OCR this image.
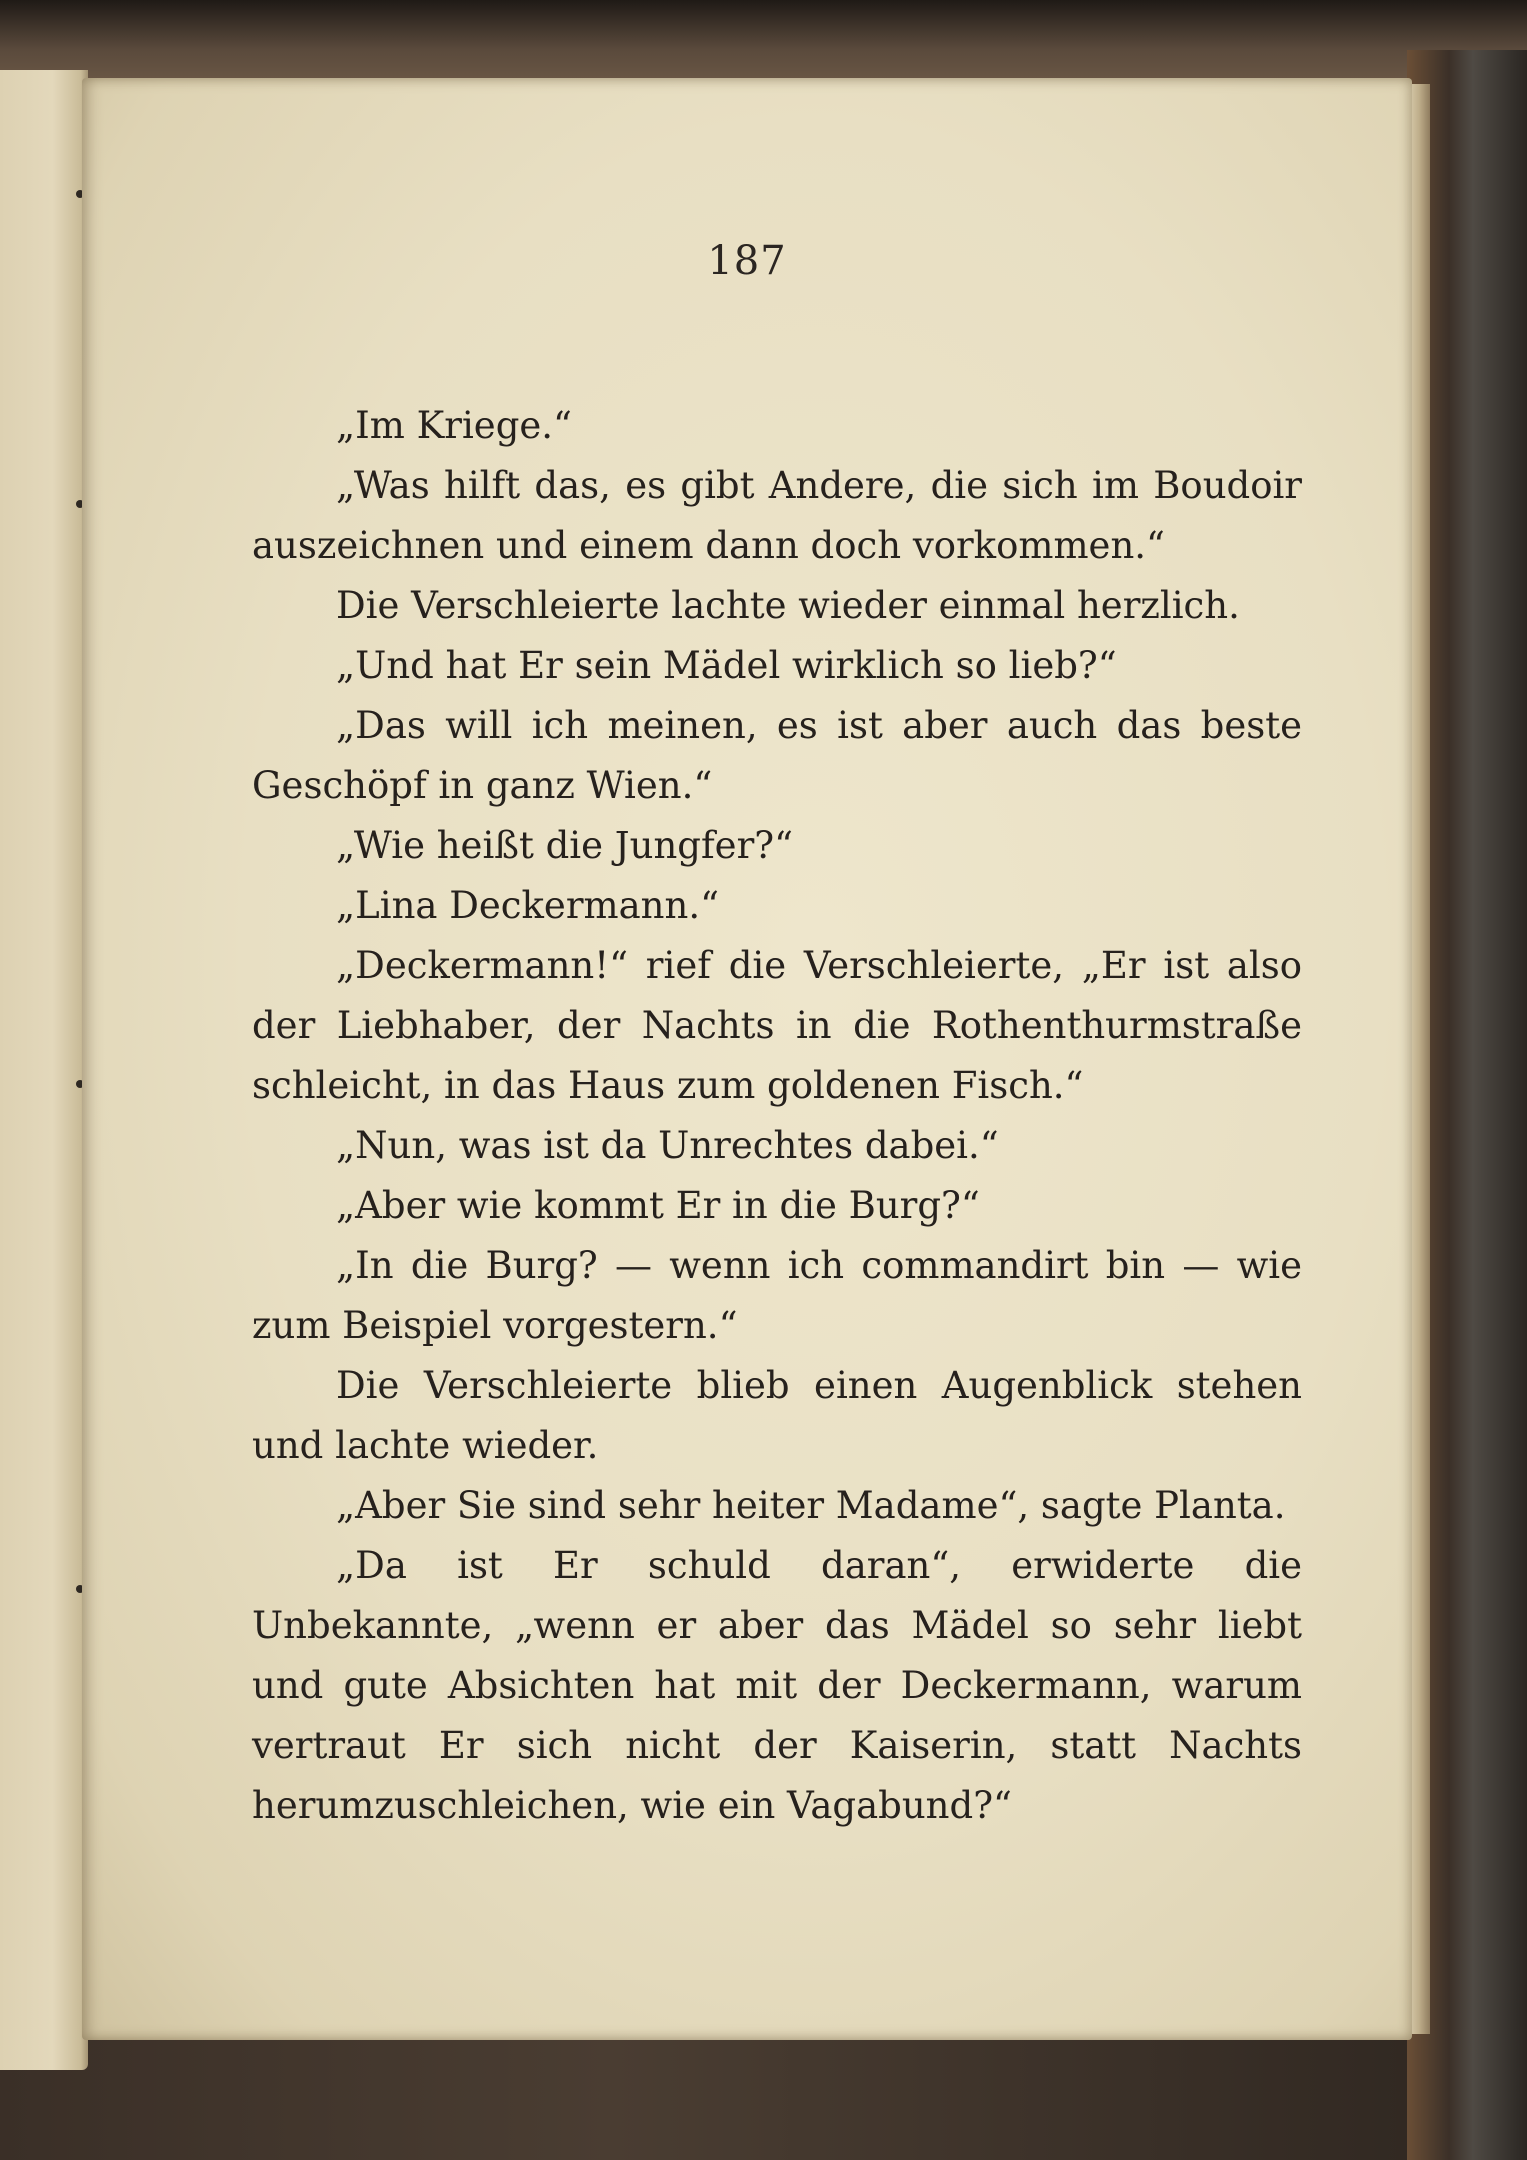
187

„Im Kriege.“

„Was hilft das, es gibt Andere, die sich im Boudoir auszeichnen und einem dann doch vorkommen.“

Die Verschleierte lachte wieder einmal herzlich.

„Und hat Er sein Mädel wirklich so lieb?“

„Das will ich meinen, es ist aber auch das beste Geschöpf in ganz Wien.“

„Wie heißt die Jungfer?“

„Lina Deckermann.“

„Deckermann!“ rief die Verschleierte, „Er ist also der Liebhaber, der Nachts in die Rothenthurmstraße schleicht, in das Haus zum goldenen Fisch.“

„Nun, was ist da Unrechtes dabei.“

„Aber wie kommt Er in die Burg?“

„In die Burg? — wenn ich commandirt bin — wie zum Beispiel vorgestern.“

Die Verschleierte blieb einen Augenblick stehen und lachte wieder.

„Aber Sie sind sehr heiter Madame“, sagte Planta.

„Da ist Er schuld daran“, erwiderte die Unbekannte, „wenn er aber das Mädel so sehr liebt und gute Absichten hat mit der Deckermann, warum vertraut Er sich nicht der Kaiserin, statt Nachts herumzuschleichen, wie ein Vagabund?“
